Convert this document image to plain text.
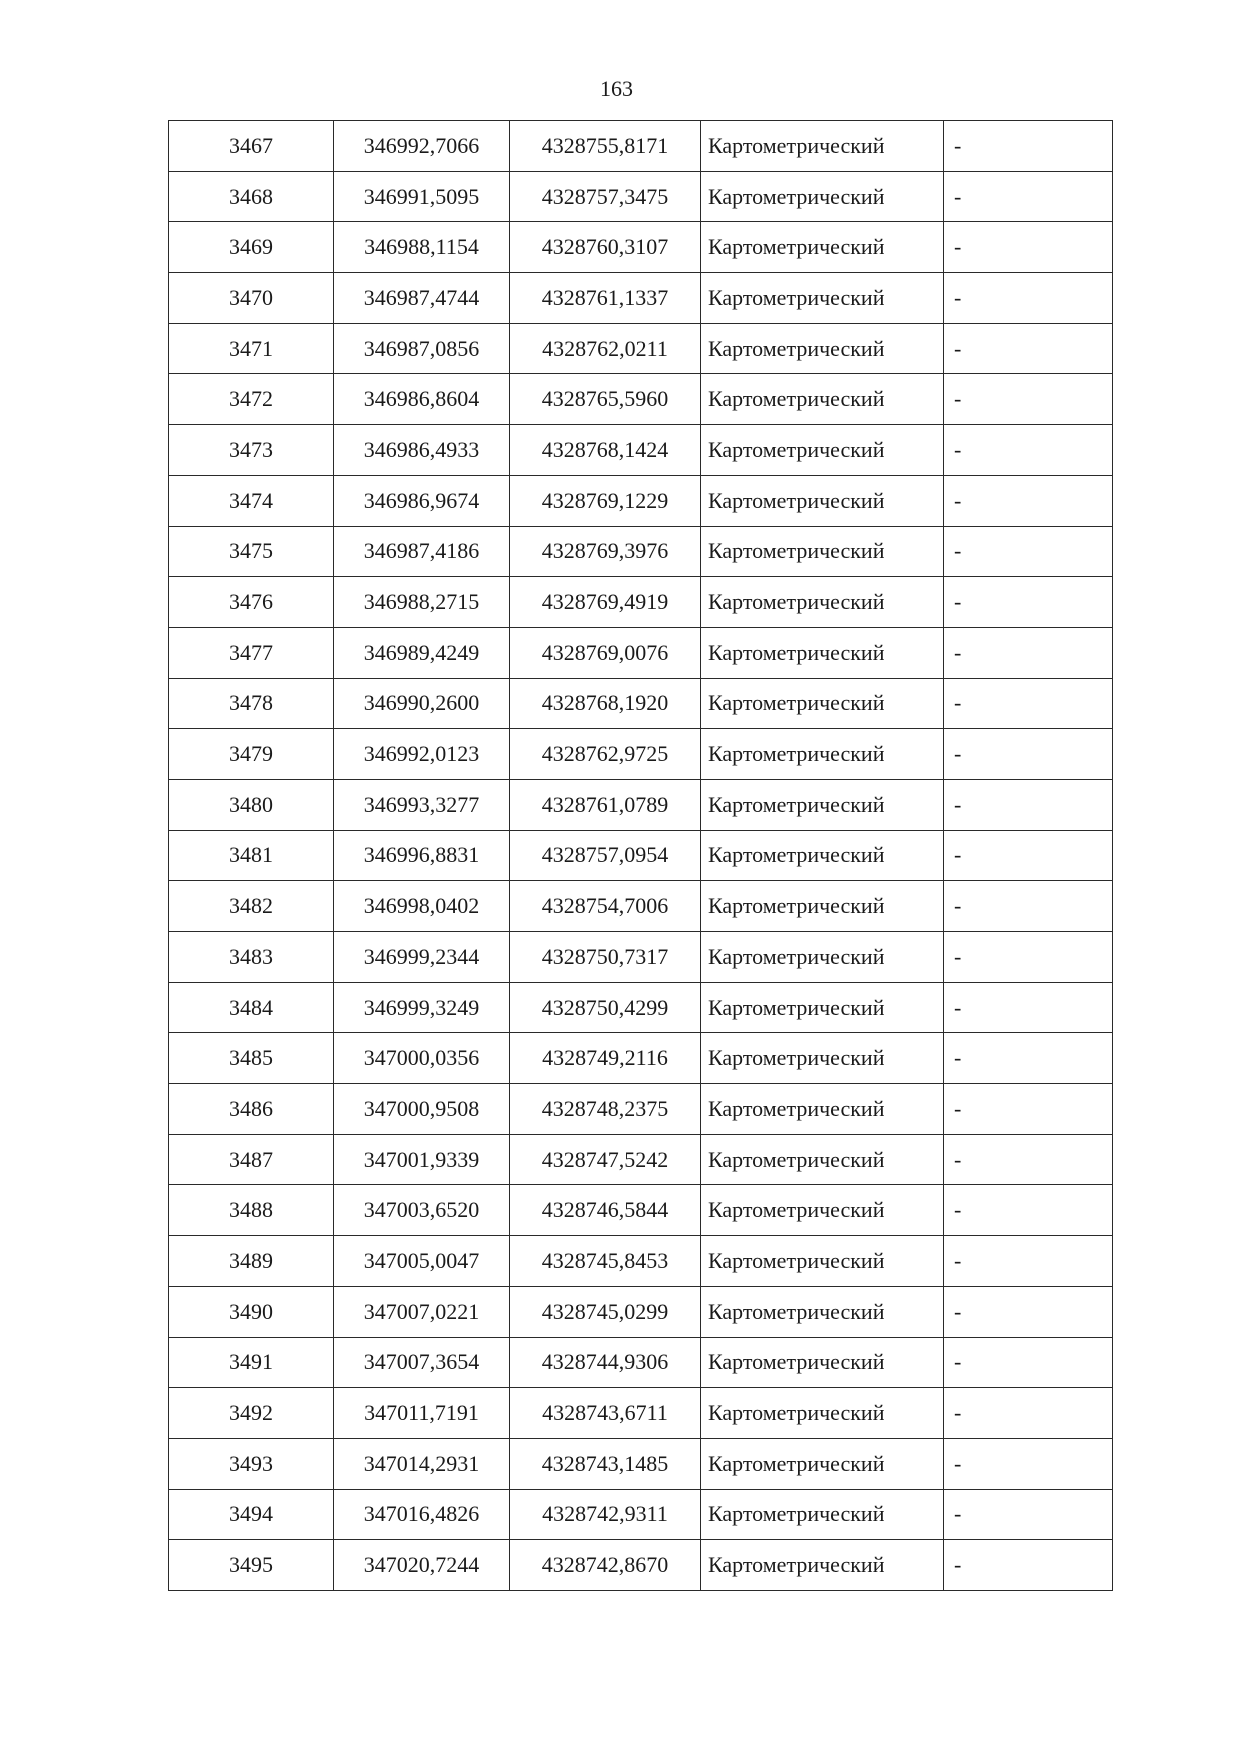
163
3467	346992,7066	4328755,8171	Картометрический	-
3468	346991,5095	4328757,3475	Картометрический	-
3469	346988,1154	4328760,3107	Картометрический	-
3470	346987,4744	4328761,1337	Картометрический	-
3471	346987,0856	4328762,0211	Картометрический	-
3472	346986,8604	4328765,5960	Картометрический	-
3473	346986,4933	4328768,1424	Картометрический	-
3474	346986,9674	4328769,1229	Картометрический	-
3475	346987,4186	4328769,3976	Картометрический	-
3476	346988,2715	4328769,4919	Картометрический	-
3477	346989,4249	4328769,0076	Картометрический	-
3478	346990,2600	4328768,1920	Картометрический	-
3479	346992,0123	4328762,9725	Картометрический	-
3480	346993,3277	4328761,0789	Картометрический	-
3481	346996,8831	4328757,0954	Картометрический	-
3482	346998,0402	4328754,7006	Картометрический	-
3483	346999,2344	4328750,7317	Картометрический	-
3484	346999,3249	4328750,4299	Картометрический	-
3485	347000,0356	4328749,2116	Картометрический	-
3486	347000,9508	4328748,2375	Картометрический	-
3487	347001,9339	4328747,5242	Картометрический	-
3488	347003,6520	4328746,5844	Картометрический	-
3489	347005,0047	4328745,8453	Картометрический	-
3490	347007,0221	4328745,0299	Картометрический	-
3491	347007,3654	4328744,9306	Картометрический	-
3492	347011,7191	4328743,6711	Картометрический	-
3493	347014,2931	4328743,1485	Картометрический	-
3494	347016,4826	4328742,9311	Картометрический	-
3495	347020,7244	4328742,8670	Картометрический	-
